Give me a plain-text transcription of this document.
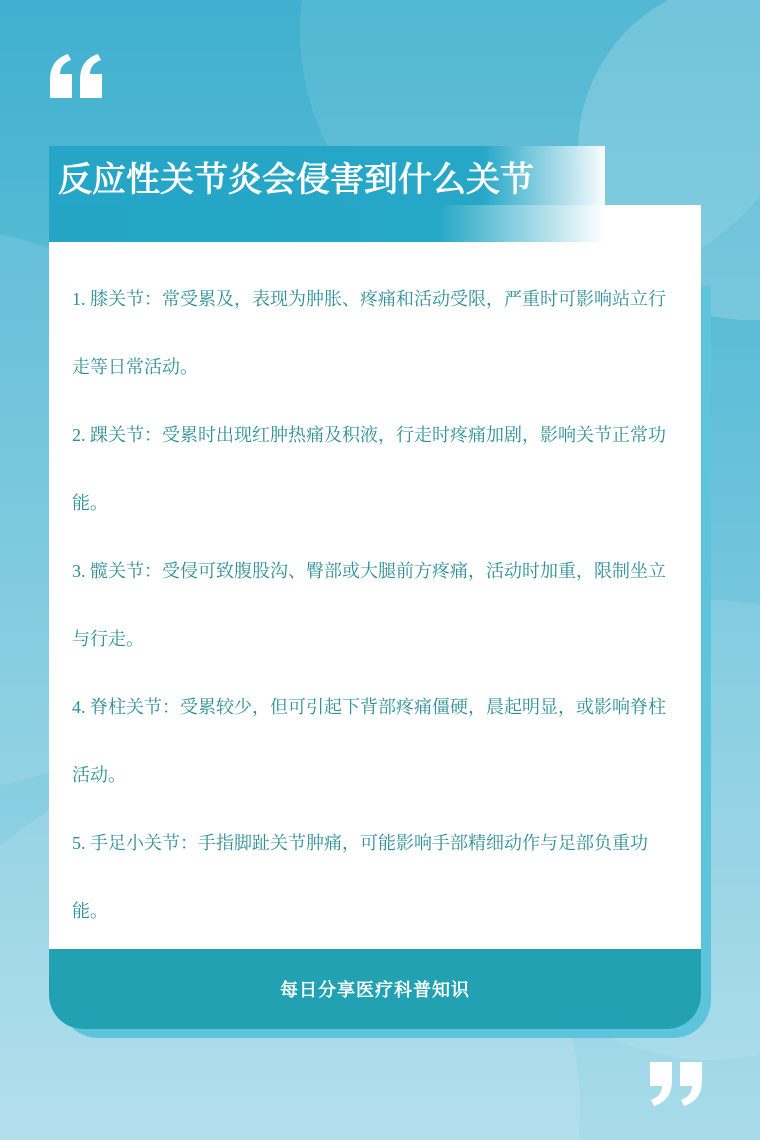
反应性关节炎会侵害到什么关节

1. 膝关节：常受累及，表现为肿胀、疼痛和活动受限，严重时可影响站立行走等日常活动。

2. 踝关节：受累时出现红肿热痛及积液，行走时疼痛加剧，影响关节正常功能。

3. 髋关节：受侵可致腹股沟、臀部或大腿前方疼痛，活动时加重，限制坐立与行走。

4. 脊柱关节：受累较少，但可引起下背部疼痛僵硬，晨起明显，或影响脊柱活动。

5. 手足小关节：手指脚趾关节肿痛，可能影响手部精细动作与足部负重功能。

每日分享医疗科普知识
